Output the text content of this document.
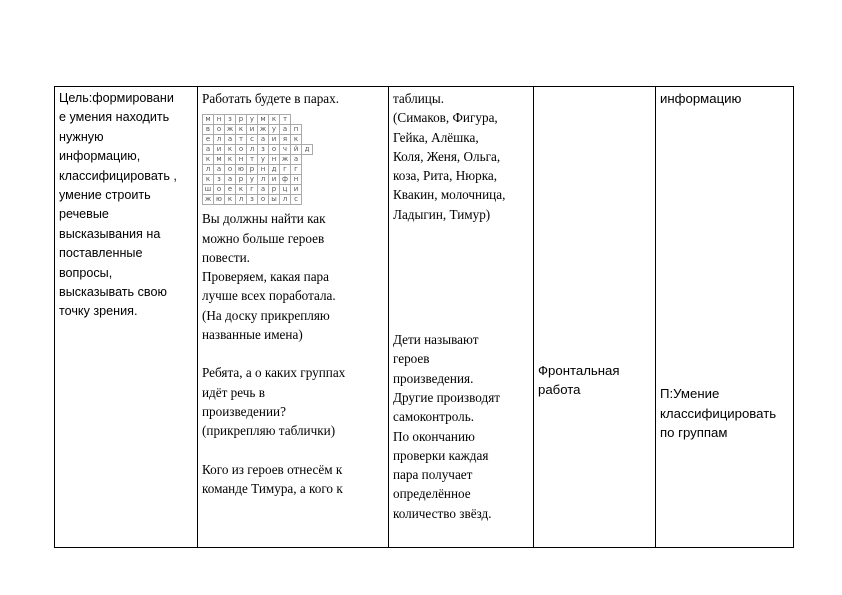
Цель:формировани
е умения находить
нужную
информацию,
классифицировать ,
умение строить
речевые
высказывания на
поставленные
вопросы,
высказывать свою
точку зрения.

Работать будете в парах.
м	н	з	р	у	м	к	т
в	о	ж	к	и	ж	у	а	п
е	л	а	т	с	а	и	я	к
а	и	к	о	л	з	о	ч	й	д
к	м	к	н	т	у	н	ж	а
л	а	о	ю	р	н	д	г	г
к	з	а	р	у	л	и	ф	н
ш	о	е	к	г	а	р	ц	и
ж	ю	к	л	з	о	ы	л	с
Вы должны найти как
можно больше героев
повести.
Проверяем, какая пара
лучше всех поработала.
(На доску прикрепляю
названные имена)
Ребята, а о каких группах
идёт речь в
произведении?
(прикрепляю таблички)
Кого из героев отнесём к
команде Тимура, а кого к

таблицы.
(Симаков, Фигура,
Гейка, Алёшка,
Коля, Женя, Ольга,
коза, Рита, Нюрка,
Квакин, молочница,
Ладыгин, Тимур)
Дети называют
героев
произведения.
Другие производят
самоконтроль.
По окончанию
проверки каждая
пара получает
определённое
количество звёзд.

Фронтальная
работа

информацию
П:Умение
классифицировать
по группам
